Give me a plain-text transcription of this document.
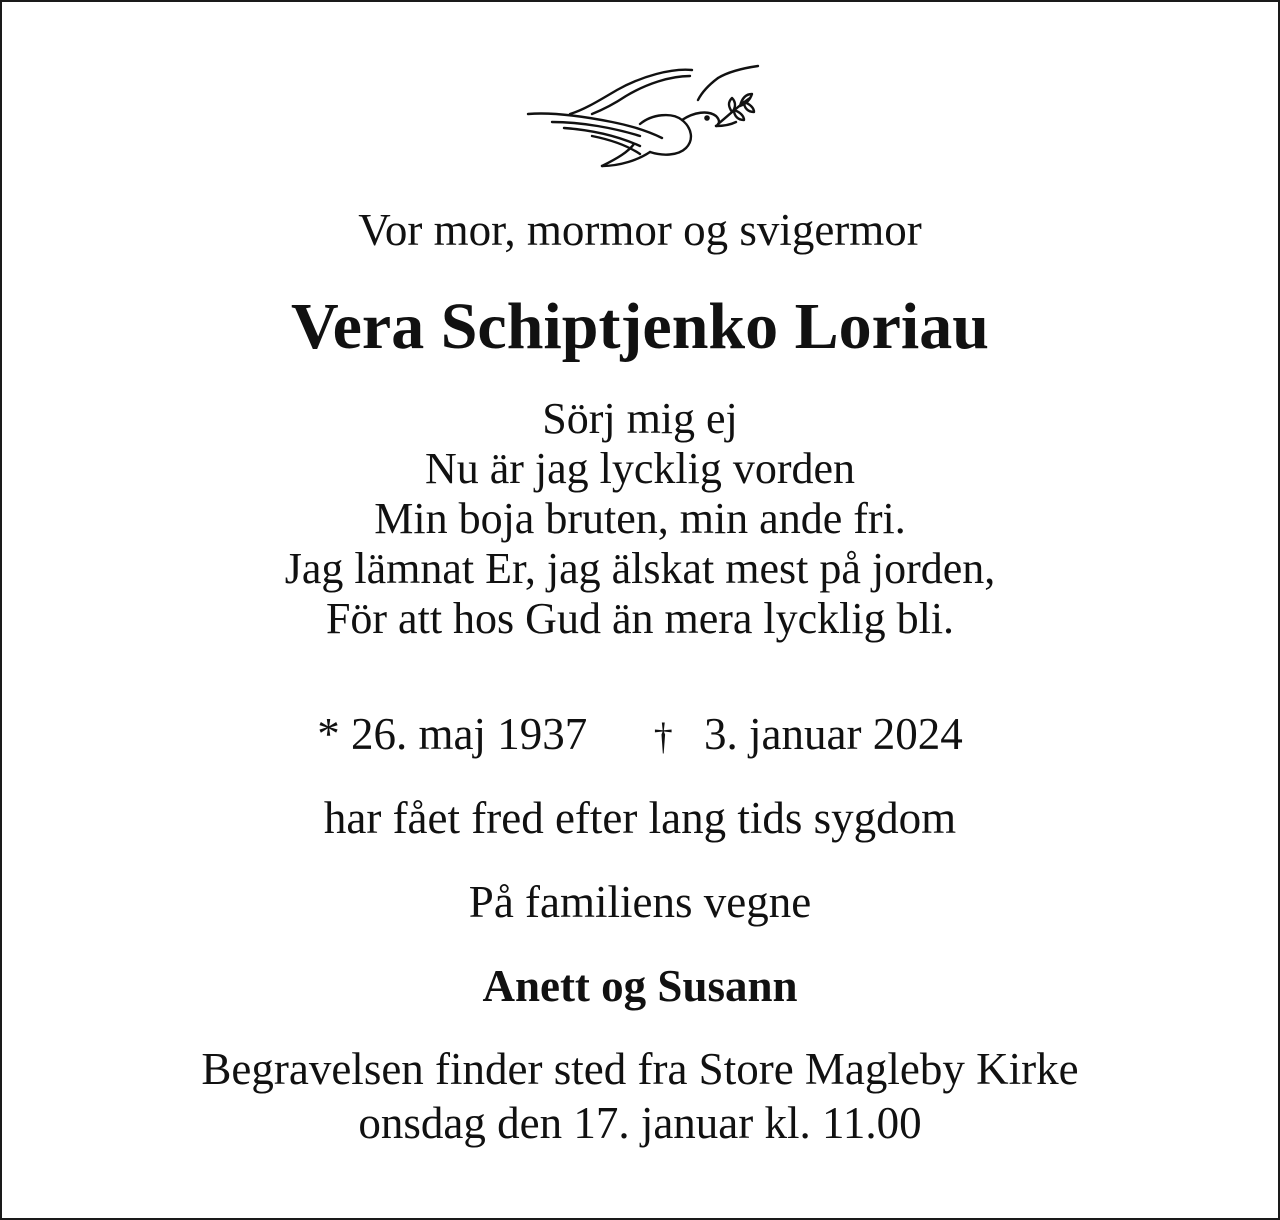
Vor mor, mormor og svigermor
Vera Schiptjenko Loriau
Sörj mig ej
Nu är jag lycklig vorden
Min boja bruten, min ande fri.
Jag lämnat Er, jag älskat mest på jorden,
För att hos Gud än mera lycklig bli.
* 26. maj 1937 † 3. januar 2024
har fået fred efter lang tids sygdom
På familiens vegne
Anett og Susann
Begravelsen finder sted fra Store Magleby Kirke
onsdag den 17. januar kl. 11.00
